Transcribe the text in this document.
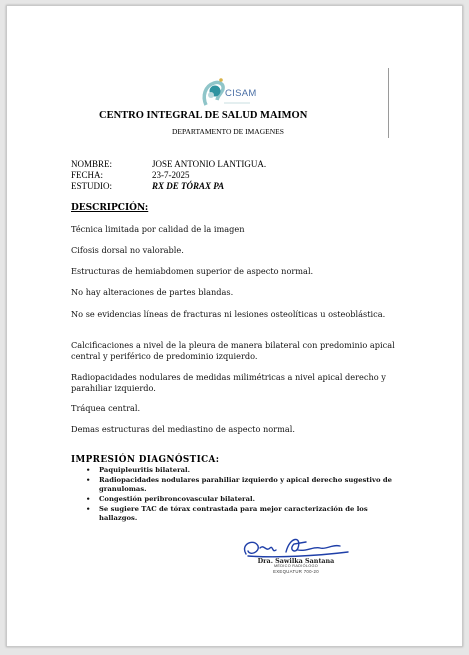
CISAM
CENTRO INTEGRAL DE SALUD MAIMON
DEPARTAMENTO DE IMAGENES
NOMBRE:	JOSE ANTONIO LANTIGUA.
FECHA:	23-7-2025
ESTUDIO:	RX DE TÓRAX PA
DESCRIPCIÓN:
Técnica limitada por calidad de la imagen
Cifosis dorsal no valorable.
Estructuras de hemiabdomen superior de aspecto normal.
No hay alteraciones de partes blandas.
No se evidencias líneas de fracturas ni lesiones osteolíticas u osteoblástica.
Calcificaciones a nivel de la pleura de manera bilateral con predominio apical central y periférico de predominio izquierdo.
Radiopacidades nodulares de medidas milimétricas a nivel apical derecho y parahiliar izquierdo.
Tráquea central.
Demas estructuras del mediastino de aspecto normal.
IMPRESIÓN DIAGNÓSTICA:
• Paquipleuritis bilateral.
• Radiopacidades nodulares parahiliar izquierdo y apical derecho sugestivo de granulomas.
• Congestión peribroncovascular bilateral.
• Se sugiere TAC de tórax contrastada para mejor caracterización de los hallazgos.
Dra. Sawilka Santana
MÉDICO RADIÓLOGO
EXEQUATUR 700-20
